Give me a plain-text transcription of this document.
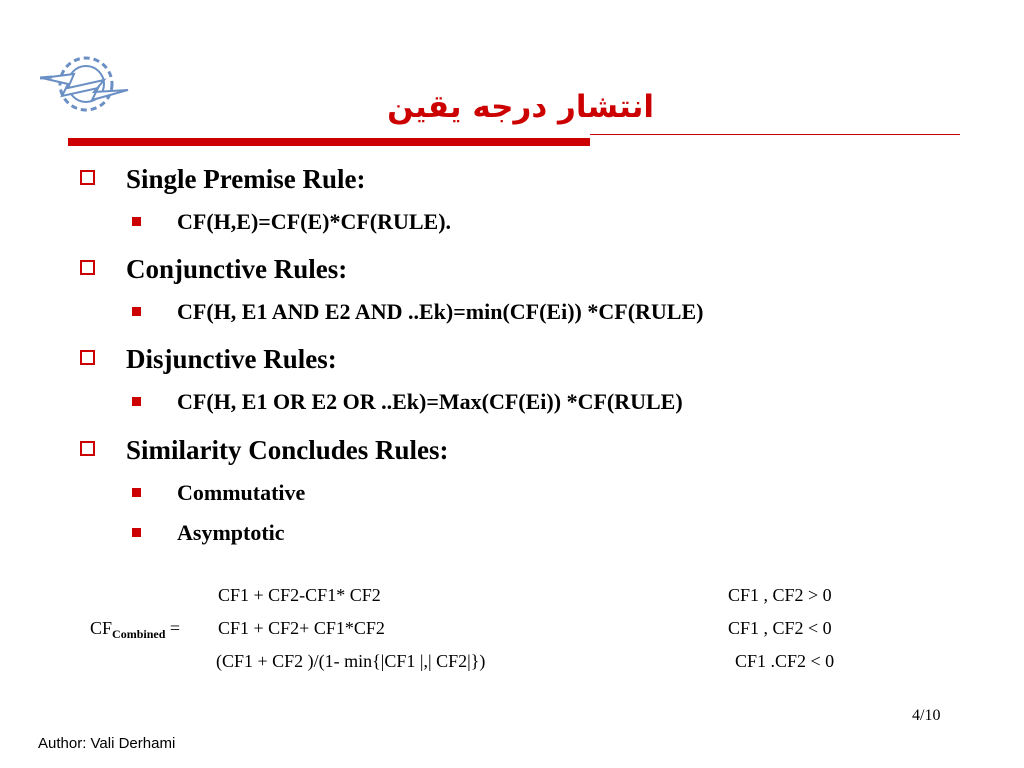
انتشار درجه یقین
Single Premise Rule:
CF(H,E)=CF(E)*CF(RULE).
Conjunctive Rules:
CF(H, E1 AND E2 AND ..Ek)=min(CF(Ei)) *CF(RULE)
Disjunctive Rules:
CF(H, E1 OR E2 OR ..Ek)=Max(CF(Ei)) *CF(RULE)
Similarity Concludes Rules:
Commutative
Asymptotic
CF1 + CF2-CF1* CF2	CF1 , CF2 > 0
$CF_{Combined} = CF1 + CF2+ CF1*CF2$	CF1 , CF2 < 0
(CF1 + CF2 )/(1- min{|CF1 |,| CF2|})	CF1 .CF2 < 0
4/10
Author: Vali Derhami
